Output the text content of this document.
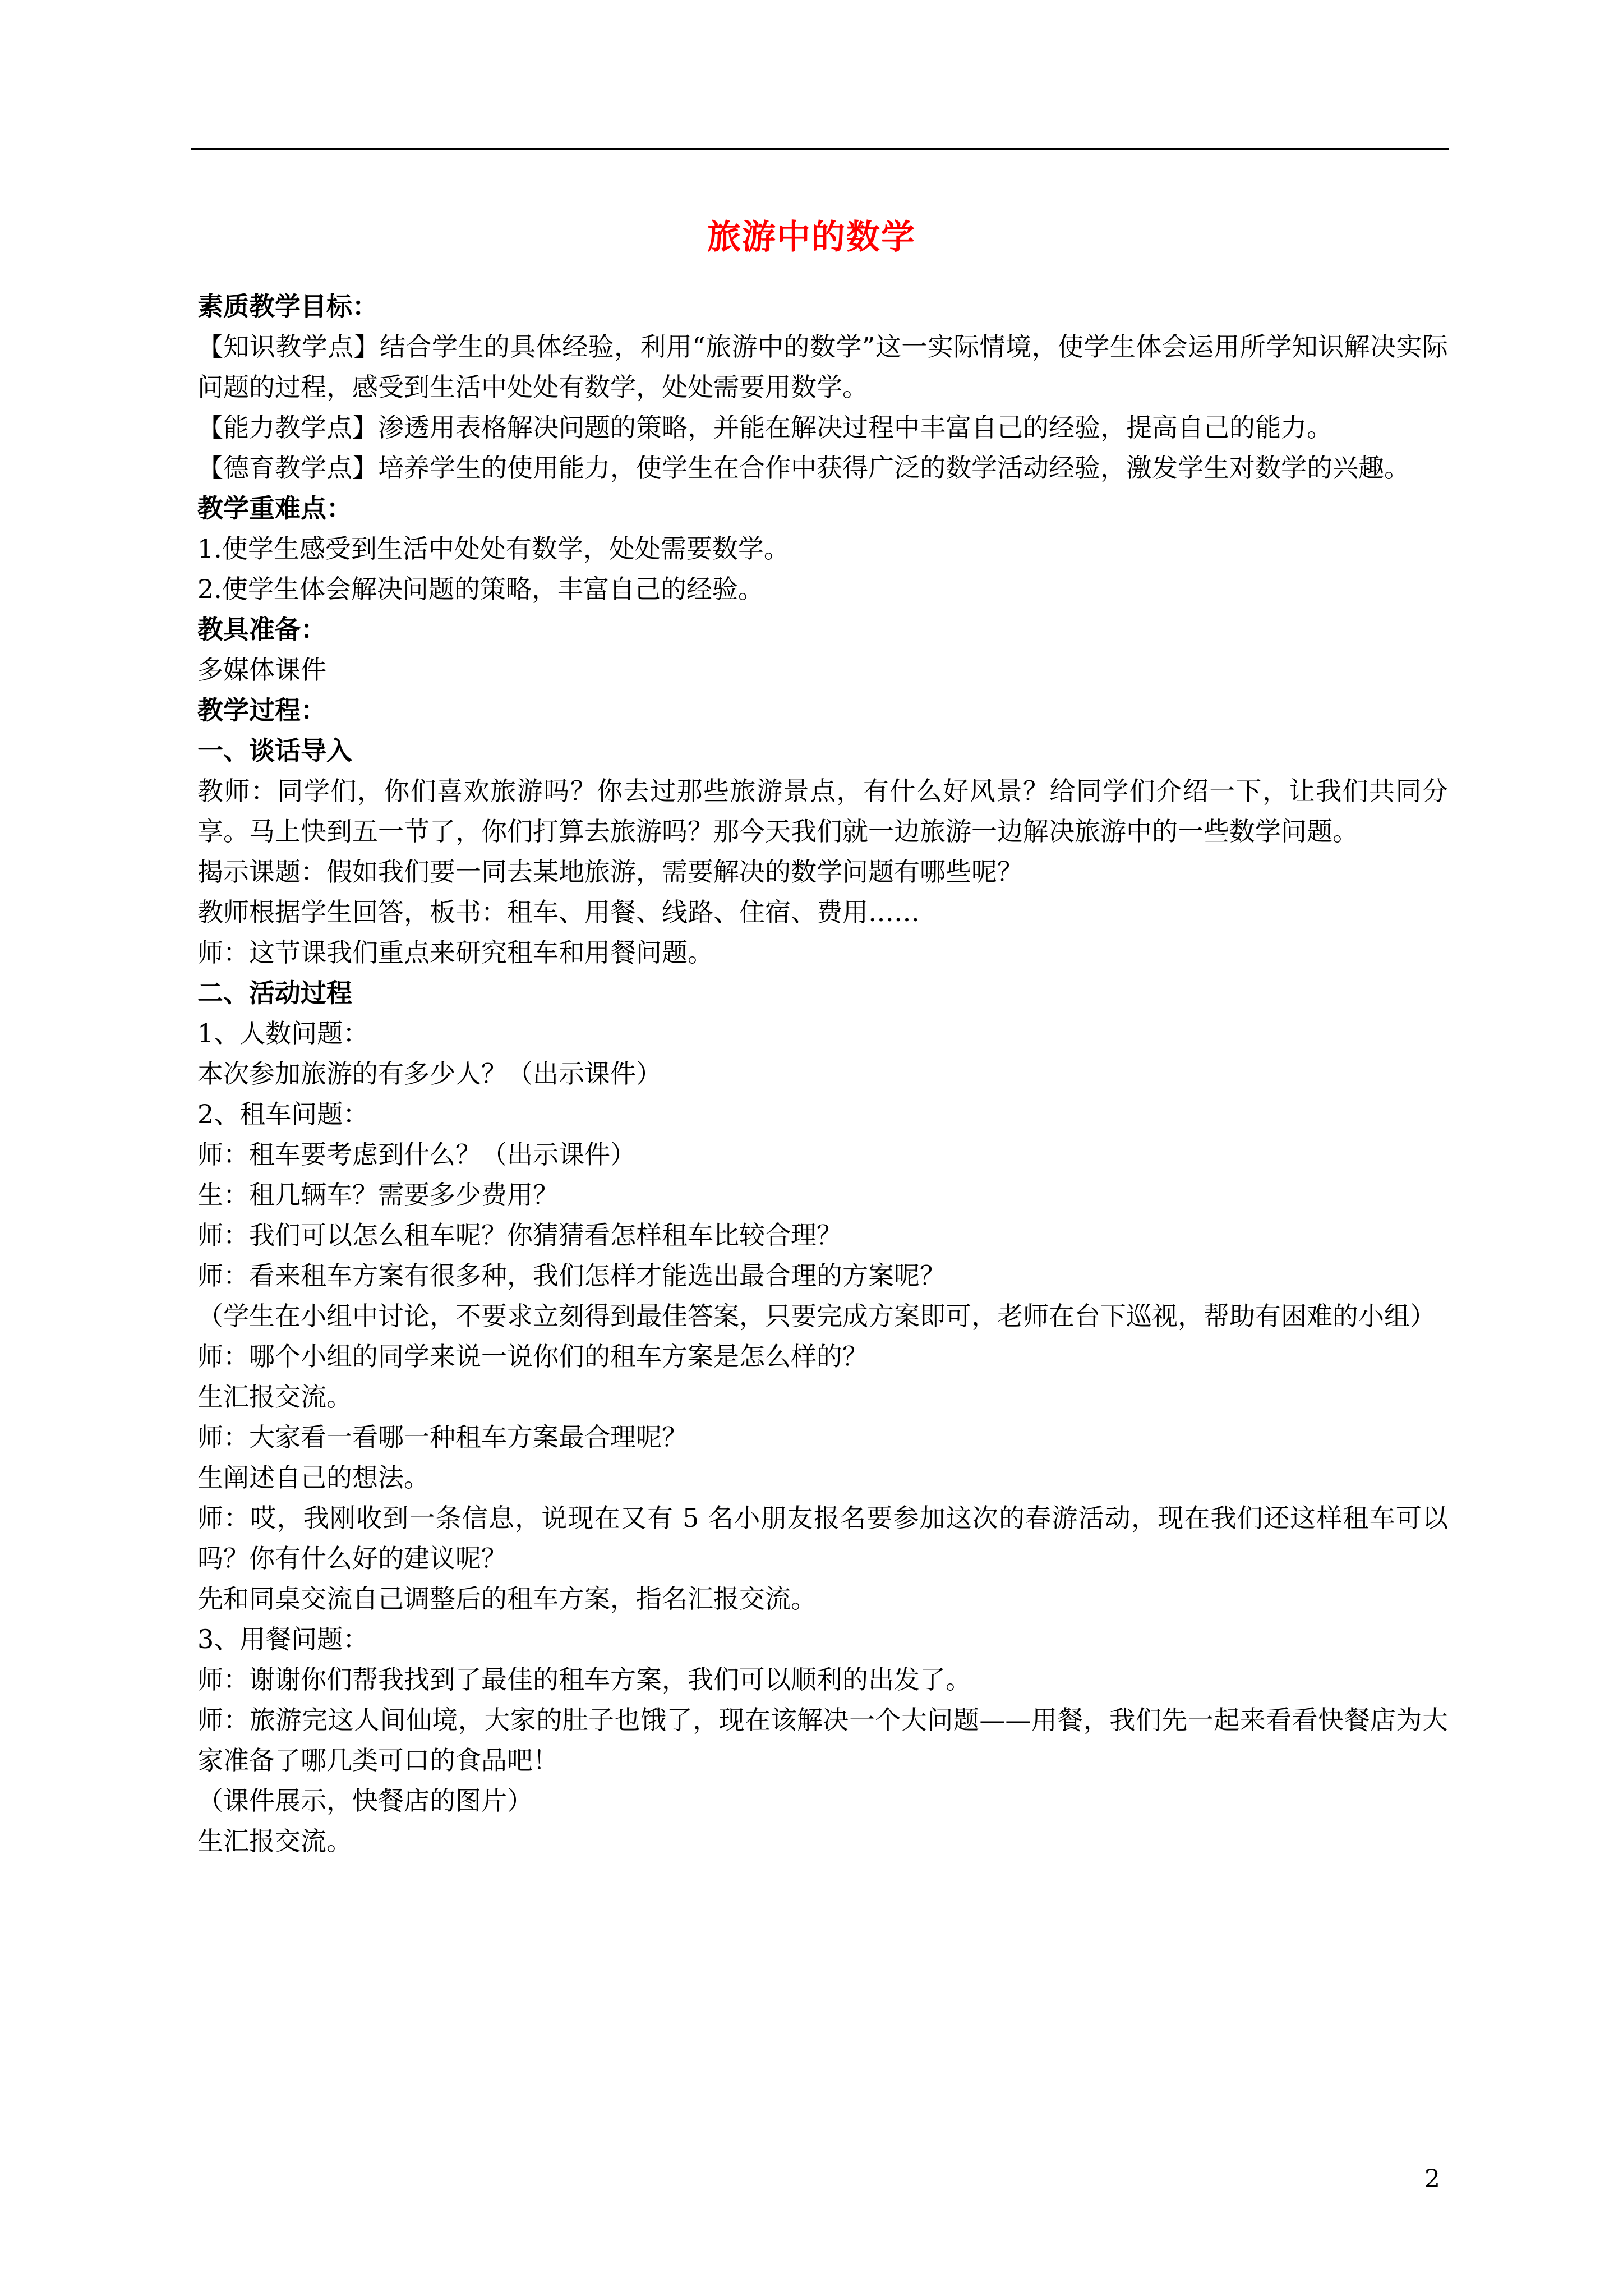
旅游中的数学

素质教学目标：

【知识教学点】结合学生的具体经验，利用“旅游中的数学”这一实际情境，使学生体会运用所学知识解决实际问题的过程，感受到生活中处处有数学，处处需要用数学。

【能力教学点】渗透用表格解决问题的策略，并能在解决过程中丰富自己的经验，提高自己的能力。

【德育教学点】培养学生的使用能力，使学生在合作中获得广泛的数学活动经验，激发学生对数学的兴趣。

教学重难点：

1.使学生感受到生活中处处有数学，处处需要数学。

2.使学生体会解决问题的策略，丰富自己的经验。

教具准备：

多媒体课件

教学过程：

一、谈话导入

教师：同学们，你们喜欢旅游吗？你去过那些旅游景点，有什么好风景？给同学们介绍一下，让我们共同分享。马上快到五一节了，你们打算去旅游吗？那今天我们就一边旅游一边解决旅游中的一些数学问题。

揭示课题：假如我们要一同去某地旅游，需要解决的数学问题有哪些呢？

教师根据学生回答，板书：租车、用餐、线路、住宿、费用……

师：这节课我们重点来研究租车和用餐问题。

二、活动过程

1、人数问题：

本次参加旅游的有多少人？（出示课件）

2、租车问题：

师：租车要考虑到什么？（出示课件）

生：租几辆车？需要多少费用？

师：我们可以怎么租车呢？你猜猜看怎样租车比较合理？

师：看来租车方案有很多种，我们怎样才能选出最合理的方案呢？

（学生在小组中讨论，不要求立刻得到最佳答案，只要完成方案即可，老师在台下巡视，帮助有困难的小组）

师：哪个小组的同学来说一说你们的租车方案是怎么样的？

生汇报交流。

师：大家看一看哪一种租车方案最合理呢？

生阐述自己的想法。

师：哎，我刚收到一条信息，说现在又有 5 名小朋友报名要参加这次的春游活动，现在我们还这样租车可以吗？你有什么好的建议呢？

先和同桌交流自己调整后的租车方案，指名汇报交流。

3、用餐问题：

师：谢谢你们帮我找到了最佳的租车方案，我们可以顺利的出发了。

师：旅游完这人间仙境，大家的肚子也饿了，现在该解决一个大问题——用餐，我们先一起来看看快餐店为大家准备了哪几类可口的食品吧！

（课件展示，快餐店的图片）

生汇报交流。

2
